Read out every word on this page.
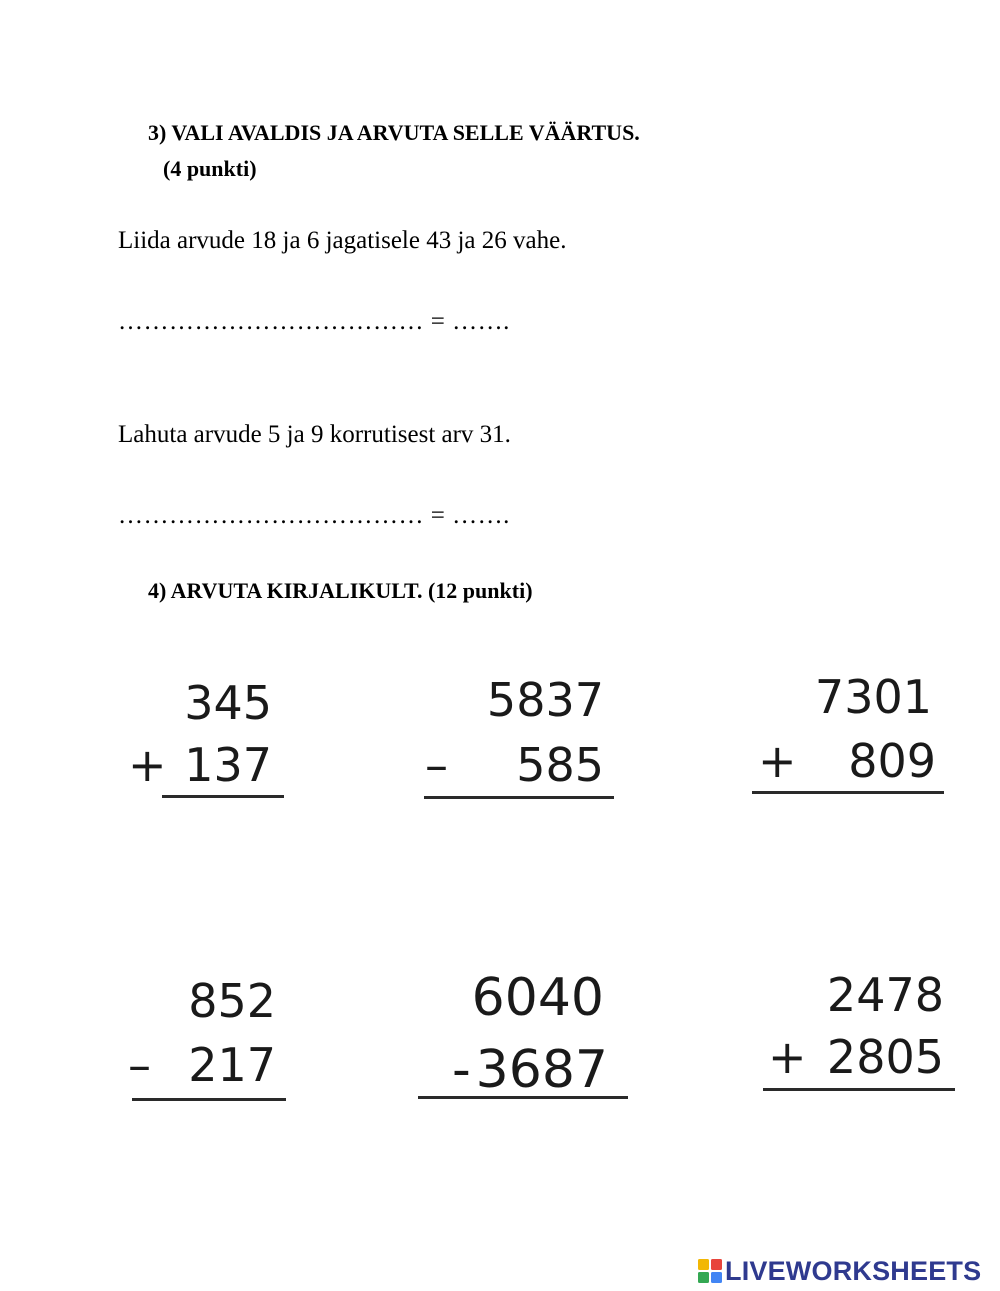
3) VALI AVALDIS JA ARVUTA SELLE VÄÄRTUS.
(4 punkti)
Liida arvude 18 ja 6 jagatisele 43 ja 26 vahe.
……………………………… = …….
Lahuta arvude 5 ja 9 korrutisest arv 31.
……………………………… = …….
4) ARVUTA KIRJALIKULT. (12 punkti)
345
+ 137
5837
– 585
7301
+ 809
852
– 217
6040
- 3687
2478
+ 2805
LIVEWORKSHEETS
